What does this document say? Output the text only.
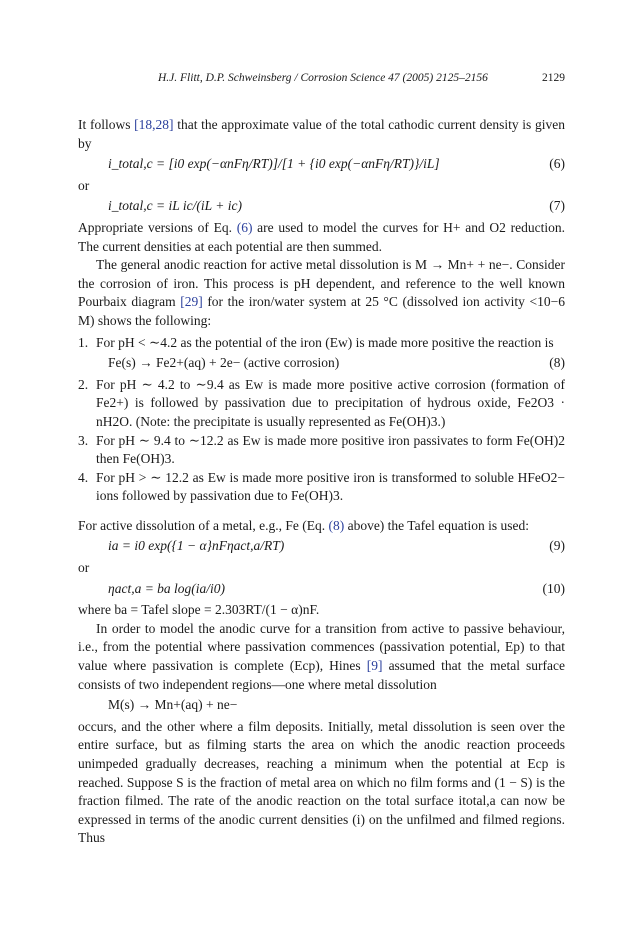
H.J. Flitt, D.P. Schweinsberg / Corrosion Science 47 (2005) 2125–2156	2129

It follows [18,28] that the approximate value of the total cathodic current density is given by

i_total,c = [i0 exp(−αnFη/RT)]/[1 + {i0 exp(−αnFη/RT)}/iL]	(6)

or

i_total,c = iL ic/(iL + ic)	(7)

Appropriate versions of Eq. (6) are used to model the curves for H+ and O2 reduction. The current densities at each potential are then summed.

The general anodic reaction for active metal dissolution is M → Mn+ + ne−. Consider the corrosion of iron. This process is pH dependent, and reference to the well known Pourbaix diagram [29] for the iron/water system at 25 °C (dissolved ion activity <10−6 M) shows the following:

1. For pH < ∼4.2 as the potential of the iron (Ew) is made more positive the reaction is
Fe(s) → Fe2+(aq) + 2e− (active corrosion)	(8)
2. For pH ∼ 4.2 to ∼9.4 as Ew is made more positive active corrosion (formation of Fe2+) is followed by passivation due to precipitation of hydrous oxide, Fe2O3 · nH2O. (Note: the precipitate is usually represented as Fe(OH)3.)
3. For pH ∼ 9.4 to ∼12.2 as Ew is made more positive iron passivates to form Fe(OH)2 then Fe(OH)3.
4. For pH > ∼ 12.2 as Ew is made more positive iron is transformed to soluble HFeO2− ions followed by passivation due to Fe(OH)3.

For active dissolution of a metal, e.g., Fe (Eq. (8) above) the Tafel equation is used:

ia = i0 exp({1 − α}nFηact,a/RT)	(9)

or

ηact,a = ba log(ia/i0)	(10)

where ba = Tafel slope = 2.303RT/(1 − α)nF.

In order to model the anodic curve for a transition from active to passive behaviour, i.e., from the potential where passivation commences (passivation potential, Ep) to that value where passivation is complete (Ecp), Hines [9] assumed that the metal surface consists of two independent regions—one where metal dissolution

M(s) → Mn+(aq) + ne−

occurs, and the other where a film deposits. Initially, metal dissolution is seen over the entire surface, but as filming starts the area on which the anodic reaction proceeds unimpeded gradually decreases, reaching a minimum when the potential at Ecp is reached. Suppose S is the fraction of metal area on which no film forms and (1 − S) is the fraction filmed. The rate of the anodic reaction on the total surface itotal,a can now be expressed in terms of the anodic current densities (i) on the unfilmed and filmed regions. Thus
